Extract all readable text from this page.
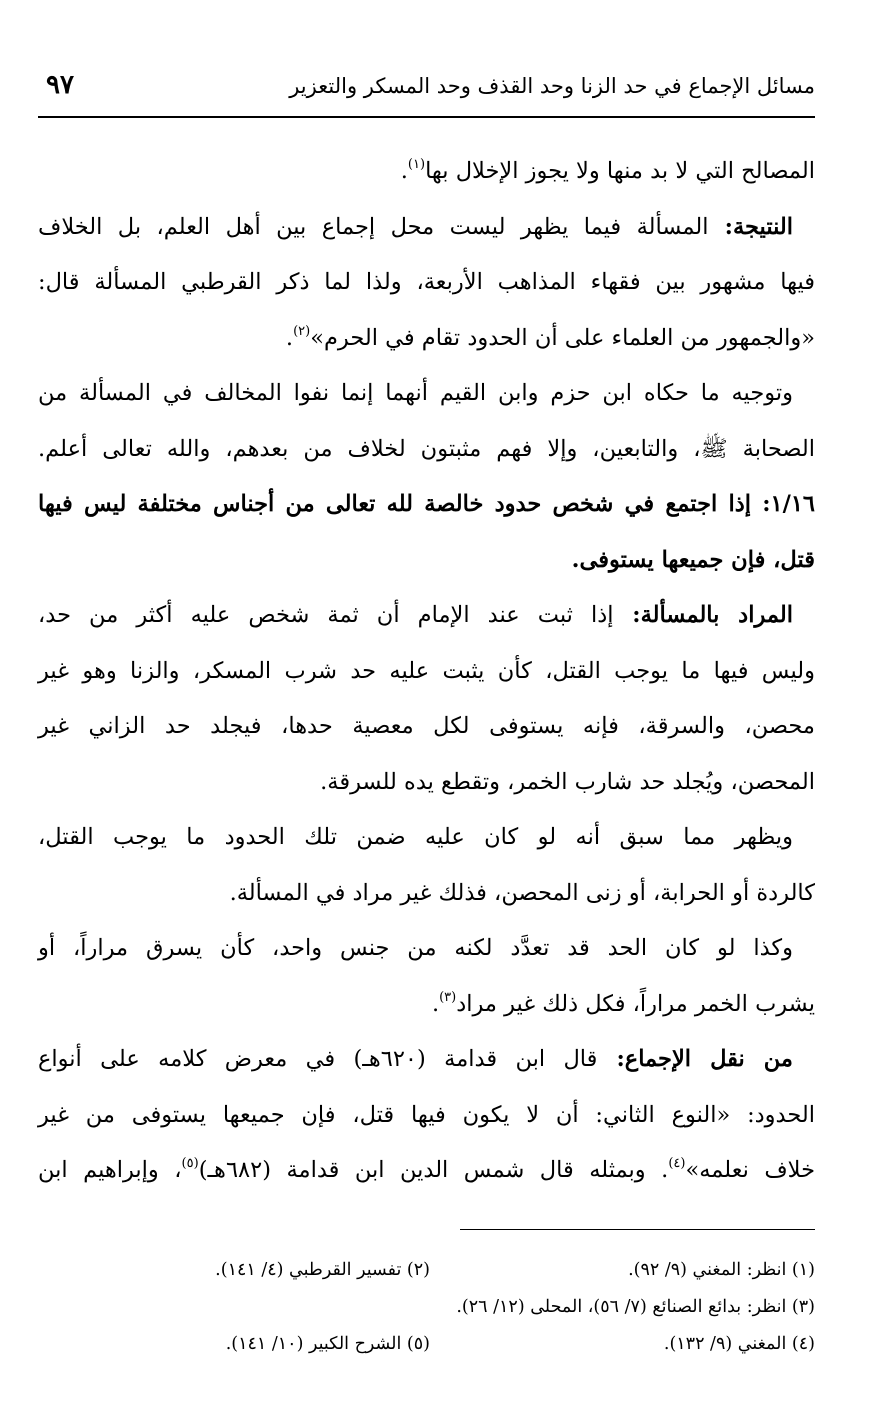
مسائل الإجماع في حد الزنا وحد القذف وحد المسكر والتعزير
٩٧
المصالح التي لا بد منها ولا يجوز الإخلال بها$^{(١)}$.
النتيجة: المسألة فيما يظهر ليست محل إجماع بين أهل العلم، بل الخلاف
فيها مشهور بين فقهاء المذاهب الأربعة، ولذا لما ذكر القرطبي المسألة قال:
«والجمهور من العلماء على أن الحدود تقام في الحرم»$^{(٢)}$.
وتوجيه ما حكاه ابن حزم وابن القيم أنهما إنما نفوا المخالف في المسألة من
الصحابة ﷺ، والتابعين، وإلا فهم مثبتون لخلاف من بعدهم، والله تعالى أعلم.
١/١٦: إذا اجتمع في شخص حدود خالصة لله تعالى من أجناس مختلفة ليس فيها
قتل، فإن جميعها يستوفى.
المراد بالمسألة: إذا ثبت عند الإمام أن ثمة شخص عليه أكثر من حد،
وليس فيها ما يوجب القتل، كأن يثبت عليه حد شرب المسكر، والزنا وهو غير
محصن، والسرقة، فإنه يستوفى لكل معصية حدها، فيجلد حد الزاني غير
المحصن، ويُجلد حد شارب الخمر، وتقطع يده للسرقة.
ويظهر مما سبق أنه لو كان عليه ضمن تلك الحدود ما يوجب القتل،
كالردة أو الحرابة، أو زنى المحصن، فذلك غير مراد في المسألة.
وكذا لو كان الحد قد تعدَّد لكنه من جنس واحد، كأن يسرق مراراً، أو
يشرب الخمر مراراً، فكل ذلك غير مراد$^{(٣)}$.
من نقل الإجماع: قال ابن قدامة (٦٢٠هـ) في معرض كلامه على أنواع
الحدود: «النوع الثاني: أن لا يكون فيها قتل، فإن جميعها يستوفى من غير
خلاف نعلمه»$^{(٤)}$. وبمثله قال شمس الدين ابن قدامة (٦٨٢هـ)$^{(٥)}$، وإبراهيم ابن
(١) انظر: المغني (٩/ ٩٢).
(٢) تفسير القرطبي (٤/ ١٤١).
(٣) انظر: بدائع الصنائع (٧/ ٥٦)، المحلى (١٢/ ٢٦).
(٤) المغني (٩/ ١٣٢).
(٥) الشرح الكبير (١٠/ ١٤١).
